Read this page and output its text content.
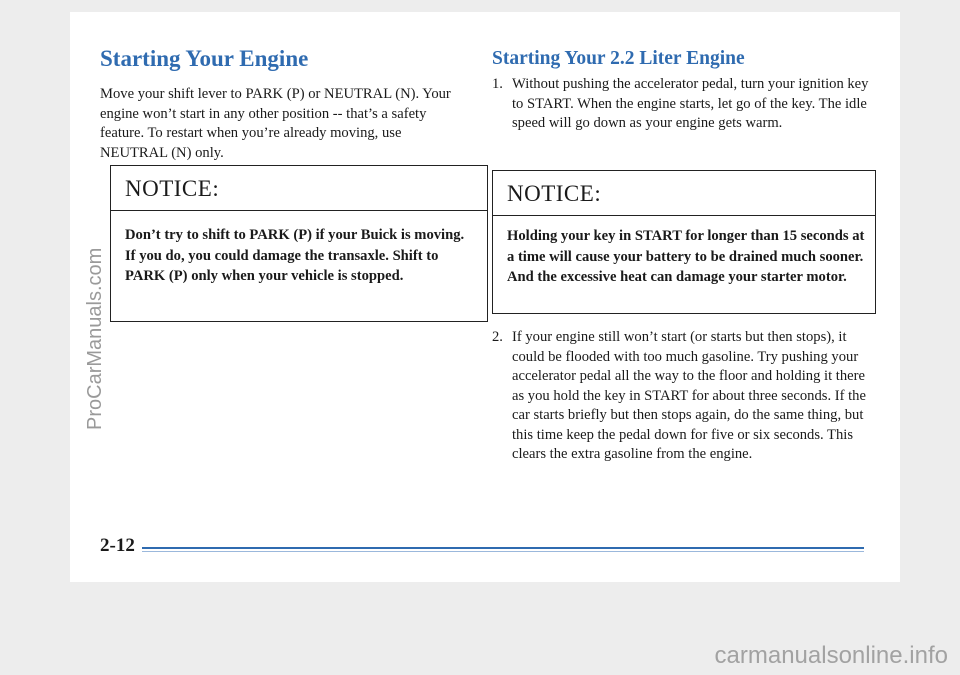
Starting Your Engine

Move your shift lever to PARK (P) or NEUTRAL (N). Your engine won’t start in any other position -- that’s a safety feature. To restart when you’re already moving, use NEUTRAL (N) only.

NOTICE:
Don’t try to shift to PARK (P) if your Buick is moving. If you do, you could damage the transaxle. Shift to PARK (P) only when your vehicle is stopped.
Starting Your 2.2 Liter Engine
1. Without pushing the accelerator pedal, turn your ignition key to START. When the engine starts, let go of the key. The idle speed will go down as your engine gets warm.
NOTICE:
Holding your key in START for longer than 15 seconds at a time will cause your battery to be drained much sooner. And the excessive heat can damage your starter motor.
2. If your engine still won’t start (or starts but then stops), it could be flooded with too much gasoline. Try pushing your accelerator pedal all the way to the floor and holding it there as you hold the key in START for about three seconds. If the car starts briefly but then stops again, do the same thing, but this time keep the pedal down for five or six seconds. This clears the extra gasoline from the engine.
2-12
ProCarManuals.com
carmanualsonline.info
